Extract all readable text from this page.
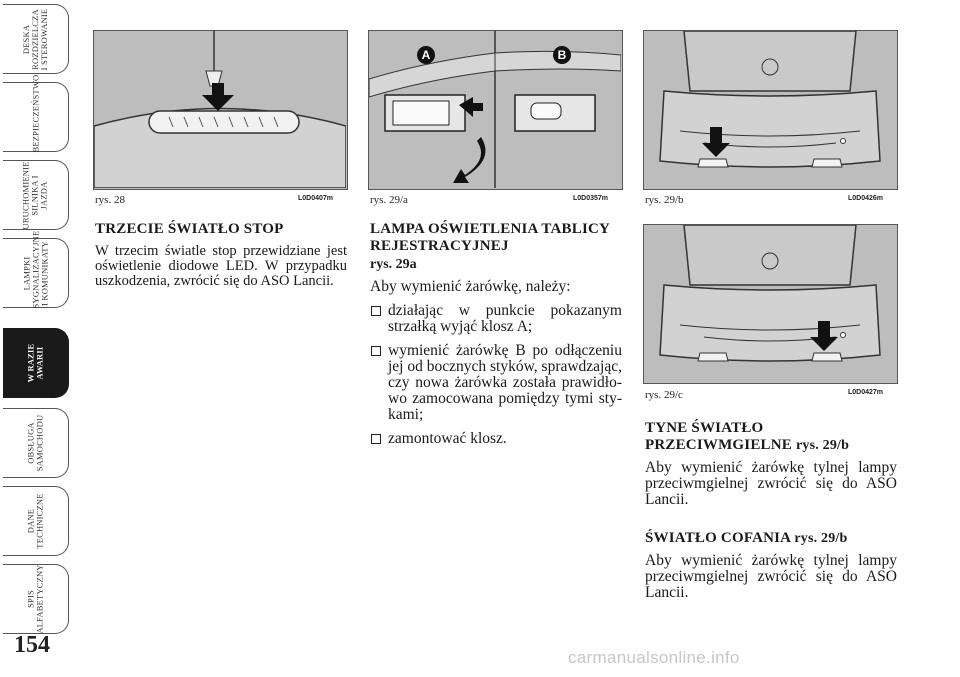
DESKA
ROZDZIELCZA
I STEROWANIE
BEZPIECZEŃSTWO
URUCHOMIENIE
SILNIKA I JAZDA
LAMPKI
SYGNALIZACYJNE
I KOMUNIKATY
W RAZIE
AWARII
OBSŁUGA
SAMOCHODU
DANE
TECHNICZNE
SPIS
ALFABETYCZNY
154
rys. 28	L0D0407m
A	B
rys. 29/a	L0D0357m	rys. 29/b	L0D0426m
rys. 29/c	L0D0427m

TRZECIE ŚWIATŁO STOP

W trzecim światle stop przewidziane jest oświetlenie diodowe LED. W przypadku uszkodzenia, zwrócić się do ASO Lancii.

LAMPA OŚWIETLENIA TABLICY REJESTRACYJNEJ

rys. 29a

Aby wymienić żarówkę, należy:

działając w punkcie pokazanym strzałką wyjąć klosz A;
wymienić żarówkę B po odłączeniu jej od bocznych styków, sprawdzając, czy nowa żarówka została prawidłowo zamocowana pomiędzy tymi stykami;
zamontować klosz.

TYNE ŚWIATŁO PRZECIWMGIELNE rys. 29/b

Aby wymienić żarówkę tylnej lampy przeciwmgielnej zwrócić się do ASO Lancii.

ŚWIATŁO COFANIA rys. 29/b

Aby wymienić żarówkę tylnej lampy przeciwmgielnej zwrócić się do ASO Lancii.

carmanualsonline.info
